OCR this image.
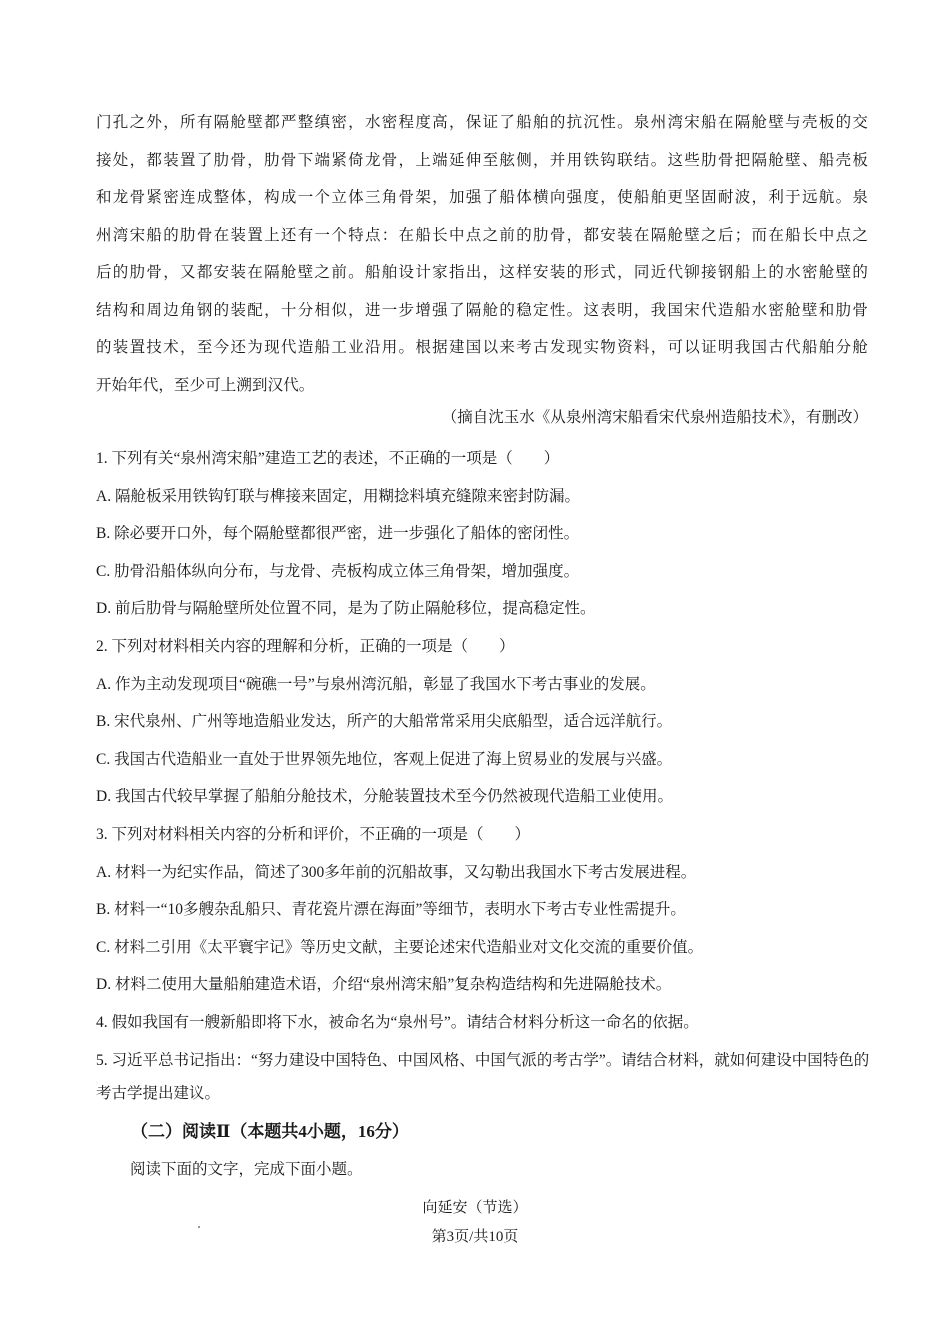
门孔之外，所有隔舱壁都严整缜密，水密程度高，保证了船舶的抗沉性。泉州湾宋船在隔舱壁与壳板的交

接处，都装置了肋骨，肋骨下端紧倚龙骨，上端延伸至舷侧，并用铁钩联结。这些肋骨把隔舱壁、船壳板

和龙骨紧密连成整体，构成一个立体三角骨架，加强了船体横向强度，使船舶更坚固耐波，利于远航。泉

州湾宋船的肋骨在装置上还有一个特点：在船长中点之前的肋骨，都安装在隔舱壁之后；而在船长中点之

后的肋骨，又都安装在隔舱壁之前。船舶设计家指出，这样安装的形式，同近代铆接钢船上的水密舱壁的

结构和周边角钢的装配，十分相似，进一步增强了隔舱的稳定性。这表明，我国宋代造船水密舱壁和肋骨

的装置技术，至今还为现代造船工业沿用。根据建国以来考古发现实物资料，可以证明我国古代船舶分舱

开始年代，至少可上溯到汉代。

（摘自沈玉水《从泉州湾宋船看宋代泉州造船技术》，有删改）
1. 下列有关“泉州湾宋船”建造工艺的表述，不正确的一项是（　　）
A. 隔舱板采用铁钩钉联与榫接来固定，用糊捻料填充缝隙来密封防漏。
B. 除必要开口外，每个隔舱壁都很严密，进一步强化了船体的密闭性。
C. 肋骨沿船体纵向分布，与龙骨、壳板构成立体三角骨架，增加强度。
D. 前后肋骨与隔舱壁所处位置不同，是为了防止隔舱移位，提高稳定性。
2. 下列对材料相关内容的理解和分析，正确的一项是（　　）
A. 作为主动发现项目“碗礁一号”与泉州湾沉船，彰显了我国水下考古事业的发展。
B. 宋代泉州、广州等地造船业发达，所产的大船常常采用尖底船型，适合远洋航行。
C. 我国古代造船业一直处于世界领先地位，客观上促进了海上贸易业的发展与兴盛。
D. 我国古代较早掌握了船舶分舱技术，分舱装置技术至今仍然被现代造船工业使用。
3. 下列对材料相关内容的分析和评价，不正确的一项是（　　）
A. 材料一为纪实作品，简述了300多年前的沉船故事，又勾勒出我国水下考古发展进程。
B. 材料一“10多艘杂乱船只、青花瓷片漂在海面”等细节，表明水下考古专业性需提升。
C. 材料二引用《太平寰宇记》等历史文献，主要论述宋代造船业对文化交流的重要价值。
D. 材料二使用大量船舶建造术语，介绍“泉州湾宋船”复杂构造结构和先进隔舱技术。
4. 假如我国有一艘新船即将下水，被命名为“泉州号”。请结合材料分析这一命名的依据。
5. 习近平总书记指出：“努力建设中国特色、中国风格、中国气派的考古学”。请结合材料，就如何建设中国特色的考古学提出建议。
（二）阅读Ⅱ（本题共4小题，16分）
阅读下面的文字，完成下面小题。
向延安（节选）
第3页/共10页
